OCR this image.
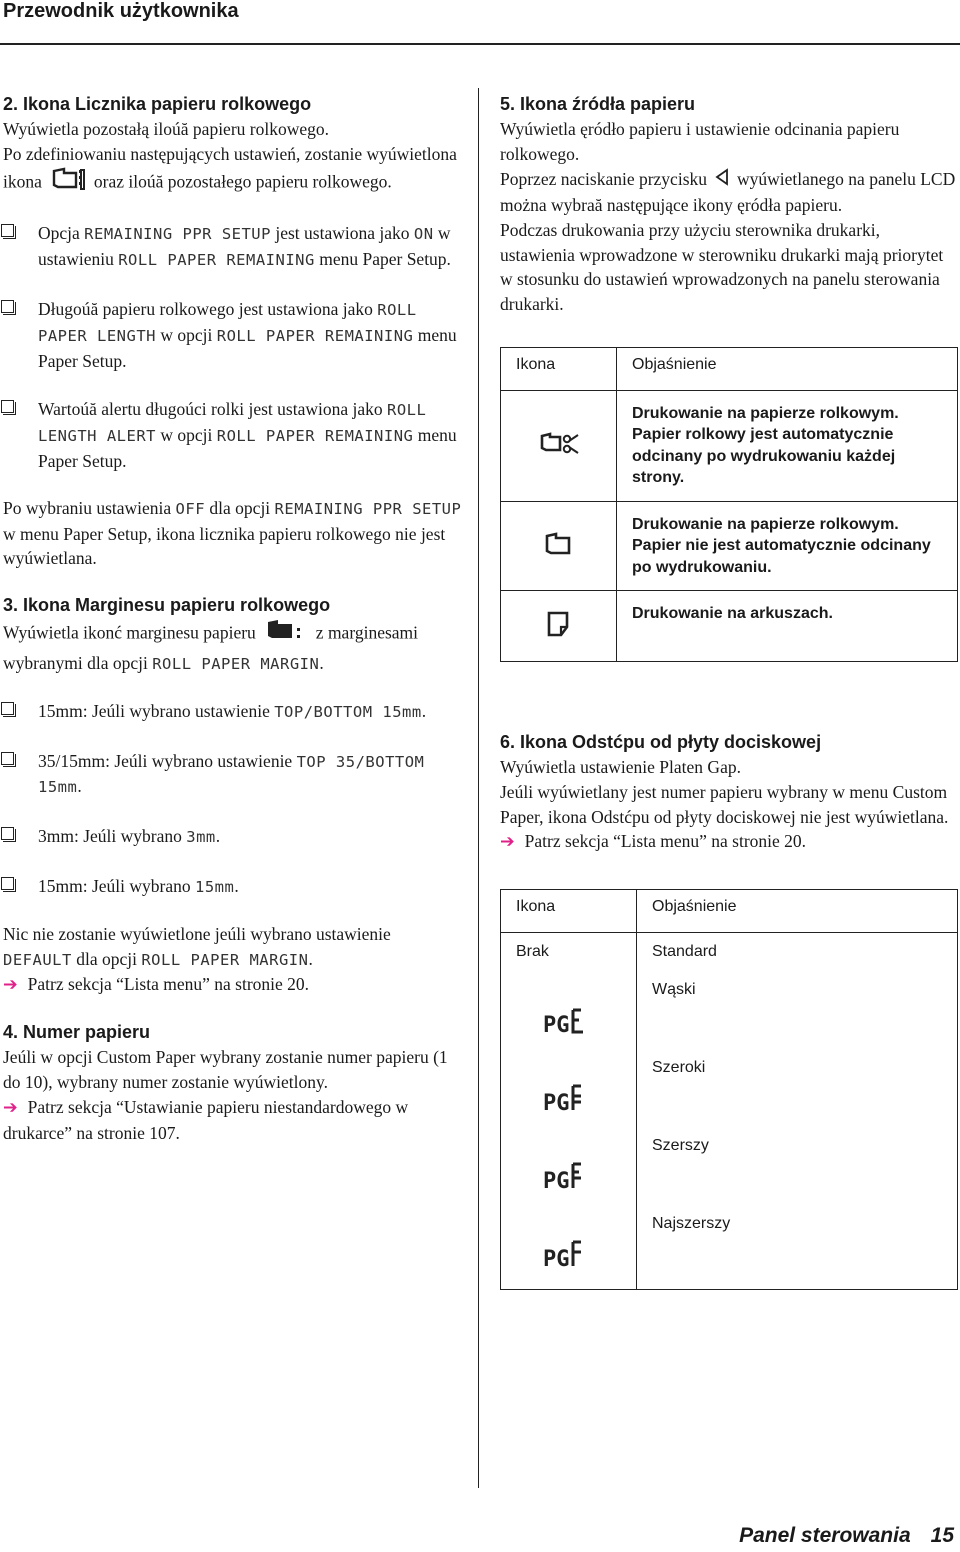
Przewodnik użytkownika
2. Ikona Licznika papieru rolkowego

Wyúwietla pozostałą iloúă papieru rolkowego.

Po zdefiniowaniu następujących ustawień, zostanie wyúwietlona ikona	oraz iloúă pozostałego papieru rolkowego.

Opcja REMAINING PPR SETUP jest ustawiona jako ON w ustawieniu ROLL PAPER REMAINING menu Paper Setup.
Długoúă papieru rolkowego jest ustawiona jako ROLL PAPER LENGTH w opcji ROLL PAPER REMAINING menu Paper Setup.
Wartoúă alertu długoúci rolki jest ustawiona jako ROLL LENGTH ALERT w opcji ROLL PAPER REMAINING menu Paper Setup.

Po wybraniu ustawienia OFF dla opcji REMAINING PPR SETUP w menu Paper Setup, ikona licznika papieru rolkowego nie jest wyúwietlana.

3. Ikona Marginesu papieru rolkowego

Wyúwietla ikonć marginesu papieru	z marginesami wybranymi dla opcji ROLL PAPER MARGIN.

15mm: Jeúli wybrano ustawienie TOP/BOTTOM 15mm.
35/15mm: Jeúli wybrano ustawienie TOP 35/BOTTOM 15mm.
3mm: Jeúli wybrano 3mm.
15mm: Jeúli wybrano 15mm.

Nic nie zostanie wyúwietlone jeúli wybrano ustawienie DEFAULT dla opcji ROLL PAPER MARGIN.

➔ Patrz sekcja “Lista menu” na stronie 20.

4. Numer papieru

Jeúli w opcji Custom Paper wybrany zostanie numer papieru (1 do 10), wybrany numer zostanie wyúwietlony.

➔ Patrz sekcja “Ustawianie papieru niestandardowego w drukarce” na stronie 107.

5. Ikona źródła papieru

Wyúwietla ęródło papieru i ustawienie odcinania papieru rolkowego.

Poprzez naciskanie przycisku wyúwietlanego na panelu LCD można wybraă następujące ikony ęródła papieru.

Podczas drukowania przy użyciu sterownika drukarki, ustawienia wprowadzone w sterowniku drukarki mają priorytet w stosunku do ustawień wprowadzonych na panelu sterowania drukarki.

Ikona	Objaśnienie
	Drukowanie na papierze rolkowym. Papier rolkowy jest automatycznie odcinany po wydrukowaniu każdej strony.
	Drukowanie na papierze rolkowym. Papier nie jest automatycznie odcinany po wydrukowaniu.
	Drukowanie na arkuszach.
6. Ikona Odstćpu od płyty dociskowej

Wyúwietla ustawienie Platen Gap.

Jeúli wyúwietlany jest numer papieru wybrany w menu Custom Paper, ikona Odstćpu od płyty dociskowej nie jest wyúwietlana.

➔ Patrz sekcja “Lista menu” na stronie 20.

Ikona	Objaśnienie
Brak	Standard

PG	Wąski

PG	Szeroki

PG	Szerszy

PG	Najszerszy
Panel sterowania 15
